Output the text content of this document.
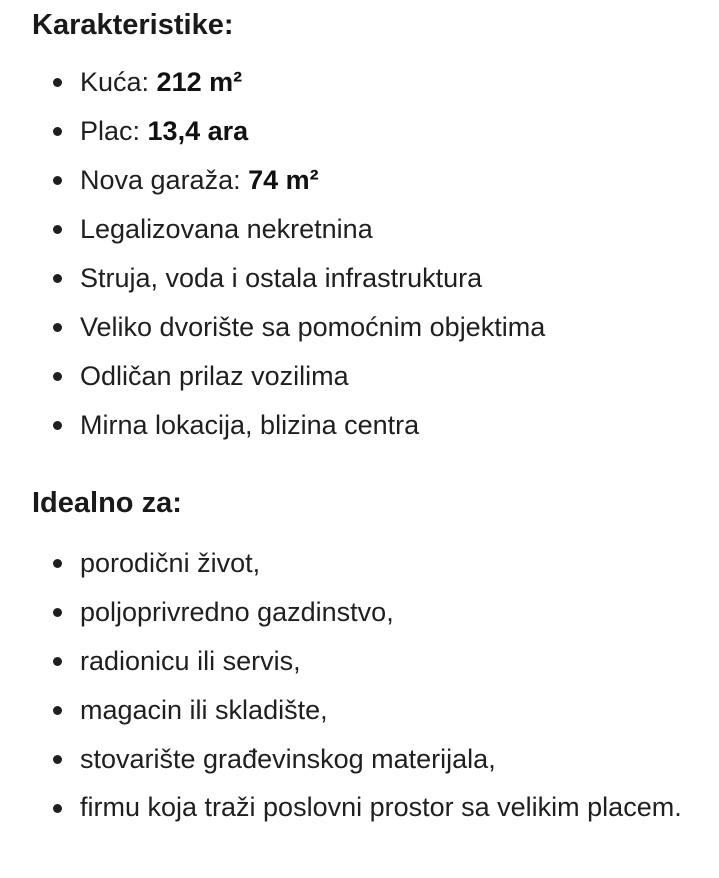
Karakteristike:
Kuća: 212 m²
Plac: 13,4 ara
Nova garaža: 74 m²
Legalizovana nekretnina
Struja, voda i ostala infrastruktura
Veliko dvorište sa pomoćnim objektima
Odličan prilaz vozilima
Mirna lokacija, blizina centra
Idealno za:
porodični život,
poljoprivredno gazdinstvo,
radionicu ili servis,
magacin ili skladište,
stovarište građevinskog materijala,
firmu koja traži poslovni prostor sa velikim placem.
